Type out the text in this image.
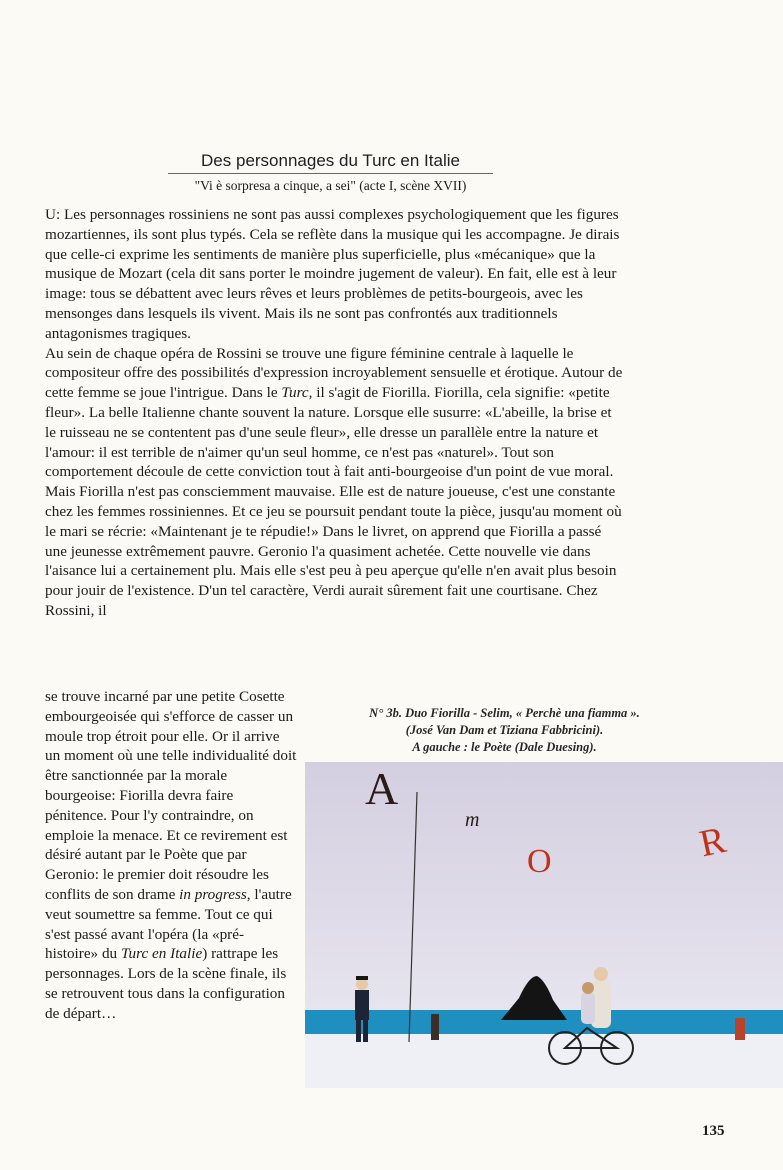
Des personnages du Turc en Italie
"Vi è sorpresa a cinque, a sei" (acte I, scène XVII)

U: Les personnages rossiniens ne sont pas aussi complexes psychologiquement que les figures mozartiennes, ils sont plus typés. Cela se reflète dans la musique qui les accompagne. Je dirais que celle-ci exprime les sentiments de manière plus superficielle, plus «mécanique» que la musique de Mozart (cela dit sans porter le moindre jugement de valeur). En fait, elle est à leur image: tous se débattent avec leurs rêves et leurs problèmes de petits-bourgeois, avec les mensonges dans lesquels ils vivent. Mais ils ne sont pas confrontés aux traditionnels antagonismes tragiques.

Au sein de chaque opéra de Rossini se trouve une figure féminine centrale à laquelle le compositeur offre des possibilités d'expression incroyablement sensuelle et érotique. Autour de cette femme se joue l'intrigue. Dans le Turc, il s'agit de Fiorilla. Fiorilla, cela signifie: «petite fleur». La belle Italienne chante souvent la nature. Lorsque elle susurre: «L'abeille, la brise et le ruisseau ne se contentent pas d'une seule fleur», elle dresse un parallèle entre la nature et l'amour: il est terrible de n'aimer qu'un seul homme, ce n'est pas «naturel». Tout son comportement découle de cette conviction tout à fait anti-bourgeoise d'un point de vue moral. Mais Fiorilla n'est pas consciemment mauvaise. Elle est de nature joueuse, c'est une constante chez les femmes rossiniennes. Et ce jeu se poursuit pendant toute la pièce, jusqu'au moment où le mari se récrie: «Maintenant je te répudie!» Dans le livret, on apprend que Fiorilla a passé une jeunesse extrêmement pauvre. Geronio l'a quasiment achetée. Cette nouvelle vie dans l'aisance lui a certainement plu. Mais elle s'est peu à peu aperçue qu'elle n'en avait plus besoin pour jouir de l'existence. D'un tel caractère, Verdi aurait sûrement fait une courtisane. Chez Rossini, il

se trouve incarné par une petite Cosette embourgeoisée qui s'efforce de casser un moule trop étroit pour elle. Or il arrive un moment où une telle individualité doit être sanctionnée par la morale bourgeoise: Fiorilla devra faire pénitence. Pour l'y contraindre, on emploie la menace. Et ce revirement est désiré autant par le Poète que par Geronio: le premier doit résoudre les conflits de son drame in progress, l'autre veut soumettre sa femme. Tout ce qui s'est passé avant l'opéra (la «pré-histoire» du Turc en Italie) rattrape les personnages. Lors de la scène finale, ils se retrouvent tous dans la configuration de départ…

N° 3b. Duo Fiorilla - Selim, « Perchè una fiamma ».
(José Van Dam et Tiziana Fabbricini).
A gauche : le Poète (Dale Duesing).
A
m
O	R
135
